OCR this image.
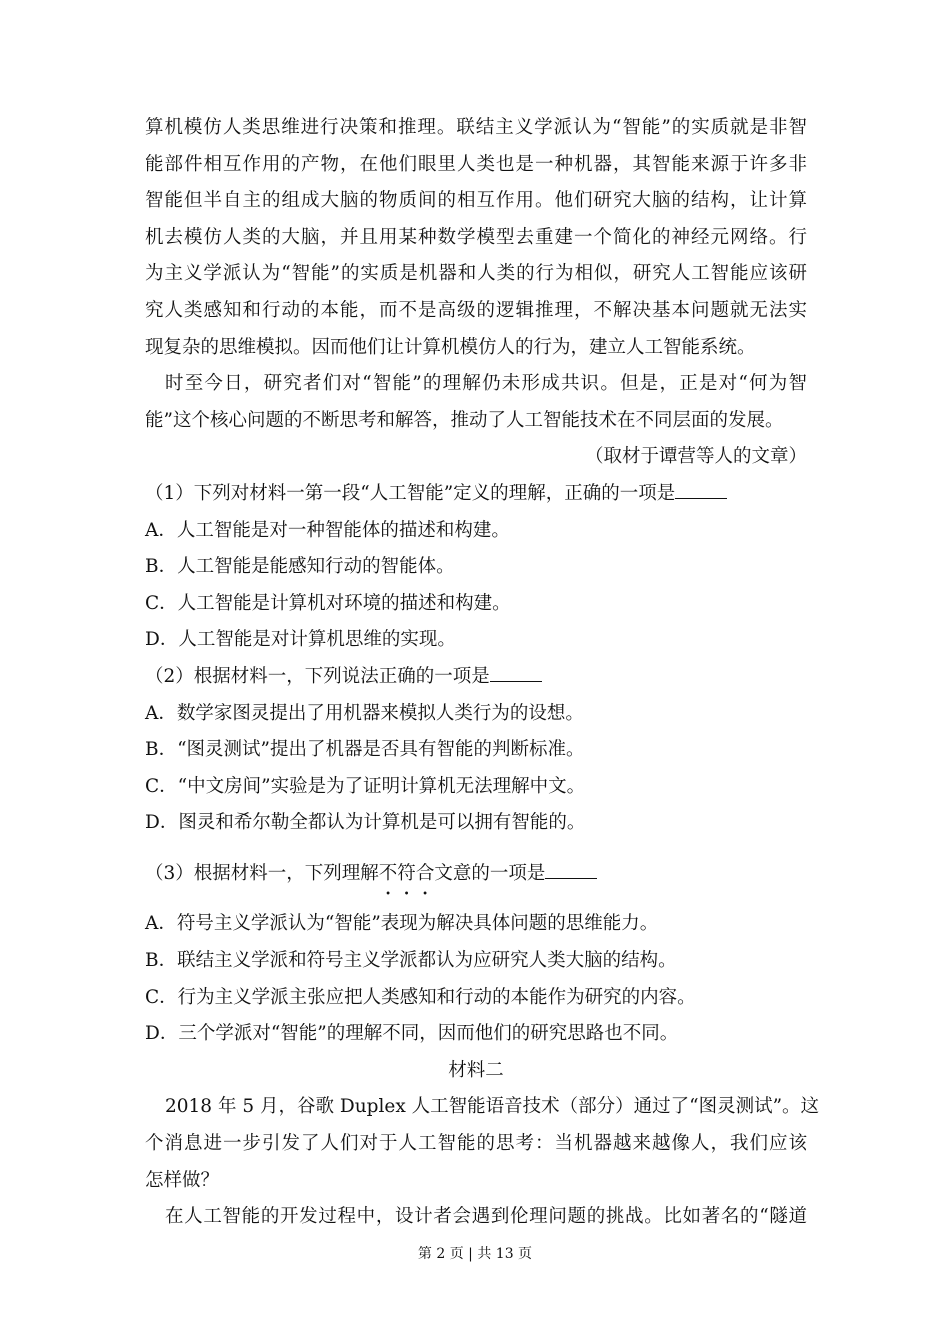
算机模仿人类思维进行决策和推理。联结主义学派认为“智能”的实质就是非智
能部件相互作用的产物，在他们眼里人类也是一种机器，其智能来源于许多非
智能但半自主的组成大脑的物质间的相互作用。他们研究大脑的结构，让计算
机去模仿人类的大脑，并且用某种数学模型去重建一个简化的神经元网络。行
为主义学派认为“智能”的实质是机器和人类的行为相似，研究人工智能应该研
究人类感知和行动的本能，而不是高级的逻辑推理，不解决基本问题就无法实
现复杂的思维模拟。因而他们让计算机模仿人的行为，建立人工智能系统。
时至今日，研究者们对“智能”的理解仍未形成共识。但是，正是对“何为智
能”这个核心问题的不断思考和解答，推动了人工智能技术在不同层面的发展。
（取材于谭营等人的文章）
（1）下列对材料一第一段“人工智能”定义的理解，正确的一项是
A．人工智能是对一种智能体的描述和构建。
B．人工智能是能感知行动的智能体。
C．人工智能是计算机对环境的描述和构建。
D．人工智能是对计算机思维的实现。
（2）根据材料一，下列说法正确的一项是
A．数学家图灵提出了用机器来模拟人类行为的设想。
B．“图灵测试”提出了机器是否具有智能的判断标准。
C．“中文房间”实验是为了证明计算机无法理解中文。
D．图灵和希尔勒全都认为计算机是可以拥有智能的。
（3）根据材料一，下列理解不符合文意的一项是
A．符号主义学派认为“智能”表现为解决具体问题的思维能力。
B．联结主义学派和符号主义学派都认为应研究人类大脑的结构。
C．行为主义学派主张应把人类感知和行动的本能作为研究的内容。
D．三个学派对“智能”的理解不同，因而他们的研究思路也不同。
材料二
2018 年 5 月，谷歌 Duplex 人工智能语音技术（部分）通过了“图灵测试”。这
个消息进一步引发了人们对于人工智能的思考：当机器越来越像人，我们应该
怎样做？
在人工智能的开发过程中，设计者会遇到伦理问题的挑战。比如著名的“隧道
第 2 页 | 共 13 页
